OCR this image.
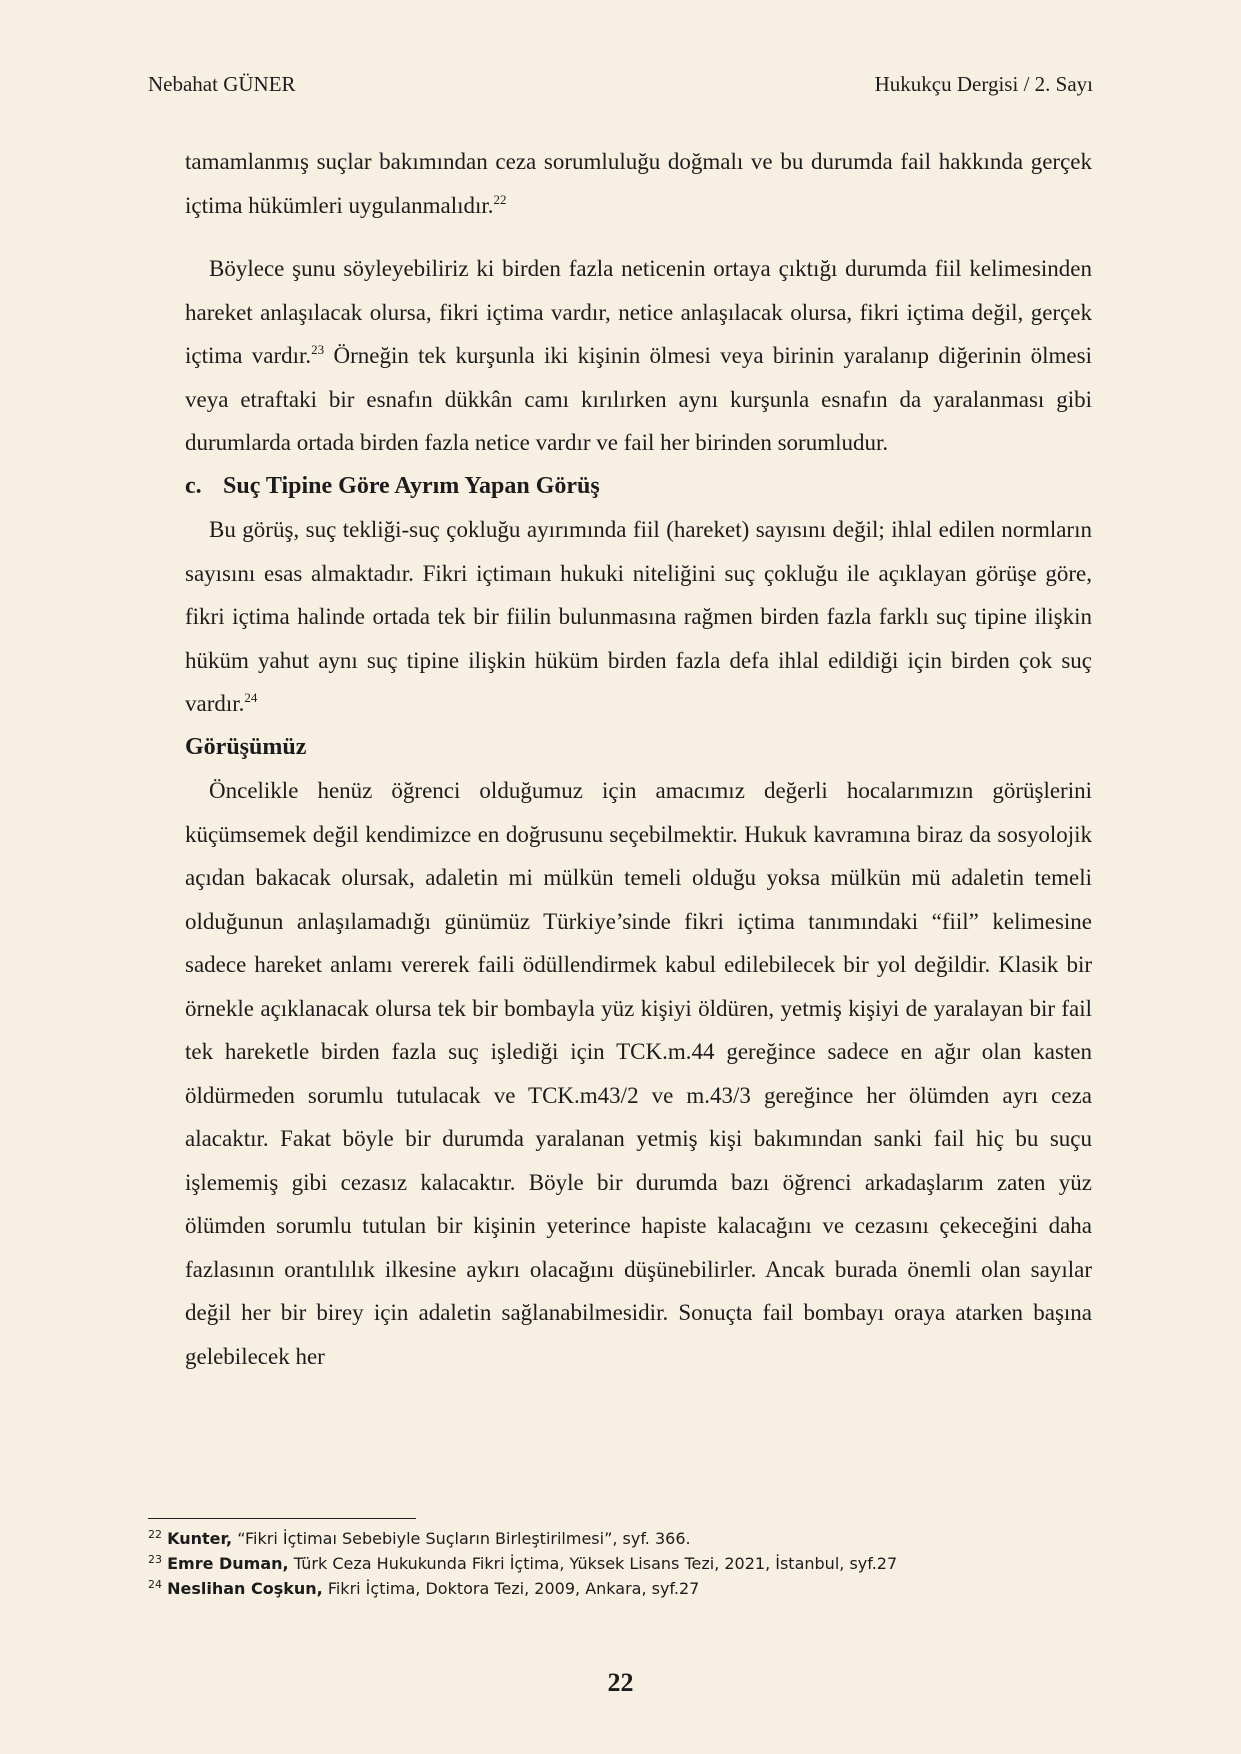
Nebahat GÜNER	Hukukçu Dergisi / 2. Sayı

tamamlanmış suçlar bakımından ceza sorumluluğu doğmalı ve bu durumda fail hakkında gerçek içtima hükümleri uygulanmalıdır.$^{22}$

Böylece şunu söyleyebiliriz ki birden fazla neticenin ortaya çıktığı durumda fiil kelimesinden hareket anlaşılacak olursa, fikri içtima vardır, netice anlaşılacak olursa, fikri içtima değil, gerçek içtima vardır.$^{23}$ Örneğin tek kurşunla iki kişinin ölmesi veya birinin yaralanıp diğerinin ölmesi veya etraftaki bir esnafın dükkân camı kırılırken aynı kurşunla esnafın da yaralanması gibi durumlarda ortada birden fazla netice vardır ve fail her birinden sorumludur.

c. Suç Tipine Göre Ayrım Yapan Görüş

Bu görüş, suç tekliği-suç çokluğu ayırımında fiil (hareket) sayısını değil; ihlal edilen normların sayısını esas almaktadır. Fikri içtimaın hukuki niteliğini suç çokluğu ile açıklayan görüşe göre, fikri içtima halinde ortada tek bir fiilin bulunmasına rağmen birden fazla farklı suç tipine ilişkin hüküm yahut aynı suç tipine ilişkin hüküm birden fazla defa ihlal edildiği için birden çok suç vardır.$^{24}$

Görüşümüz

Öncelikle henüz öğrenci olduğumuz için amacımız değerli hocalarımızın görüşlerini küçümsemek değil kendimizce en doğrusunu seçebilmektir. Hukuk kavramına biraz da sosyolojik açıdan bakacak olursak, adaletin mi mülkün temeli olduğu yoksa mülkün mü adaletin temeli olduğunun anlaşılamadığı günümüz Türkiye’sinde fikri içtima tanımındaki “fiil” kelimesine sadece hareket anlamı vererek faili ödüllendirmek kabul edilebilecek bir yol değildir. Klasik bir örnekle açıklanacak olursa tek bir bombayla yüz kişiyi öldüren, yetmiş kişiyi de yaralayan bir fail tek hareketle birden fazla suç işlediği için TCK.m.44 gereğince sadece en ağır olan kasten öldürmeden sorumlu tutulacak ve TCK.m43/2 ve m.43/3 gereğince her ölümden ayrı ceza alacaktır. Fakat böyle bir durumda yaralanan yetmiş kişi bakımından sanki fail hiç bu suçu işlememiş gibi cezasız kalacaktır. Böyle bir durumda bazı öğrenci arkadaşlarım zaten yüz ölümden sorumlu tutulan bir kişinin yeterince hapiste kalacağını ve cezasını çekeceğini daha fazlasının orantılılık ilkesine aykırı olacağını düşünebilirler. Ancak burada önemli olan sayılar değil her bir birey için adaletin sağlanabilmesidir. Sonuçta fail bombayı oraya atarken başına gelebilecek her

$^{22}$ Kunter, “Fikri İçtimaı Sebebiyle Suçların Birleştirilmesi”, syf. 366.
$^{23}$ Emre Duman, Türk Ceza Hukukunda Fikri İçtima, Yüksek Lisans Tezi, 2021, İstanbul, syf.27
$^{24}$ Neslihan Coşkun, Fikri İçtima, Doktora Tezi, 2009, Ankara, syf.27
22
